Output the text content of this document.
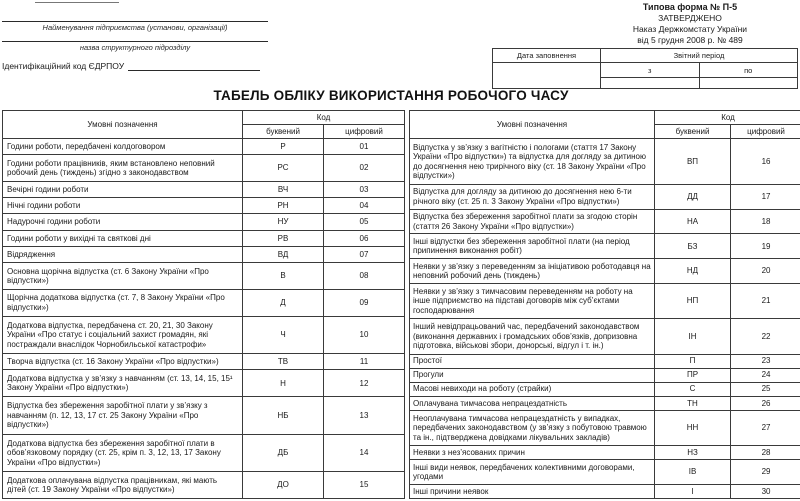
Найменування підприємства (установи, організації)
назва структурного підрозділу
Ідентифікаційний код ЄДРПОУ
Типова форма № П-5
ЗАТВЕРДЖЕНО
Наказ Держкомстату України
від 5 грудня 2008 р. № 489
Дата заповнення	Звітний період	
	з	по

ТАБЕЛЬ ОБЛІКУ ВИКОРИСТАННЯ РОБОЧОГО ЧАСУ
Умовні позначення	Код	
	буквений	цифровий
Години роботи, передбачені колдоговором	Р	01
Години роботи працівників, яким встановлено неповний робочий день (тиждень) згідно з законодавством	РС	02
Вечірні години роботи	ВЧ	03
Нічні години роботи	РН	04
Надурочні години роботи	НУ	05
Години роботи у вихідні та святкові дні	РВ	06
Відрядження	ВД	07
Основна щорічна відпустка (ст. 6 Закону України «Про відпустки»)	В	08
Щорічна додаткова відпустка (ст. 7, 8 Закону України «Про відпустки»)	Д	09
Додаткова відпустка, передбачена ст. 20, 21, 30 Закону України «Про статус і соціальний захист громадян, які постраждали внаслідок Чорнобильської катастрофи»	Ч	10
Творча відпустка (ст. 16 Закону України «Про відпустки»)	ТВ	11
Додаткова відпустка у зв’язку з навчанням (ст. 13, 14, 15, 15¹ Закону України «Про відпустки»)	Н	12
Відпустка без збереження заробітної плати у зв’язку з навчанням (п. 12, 13, 17 ст. 25 Закону України «Про відпустки»)	НБ	13
Додаткова відпустка без збереження заробітної плати в обов’язковому порядку (ст. 25, крім п. 3, 12, 13, 17 Закону України «Про відпустки»)	ДБ	14
Додаткова оплачувана відпустка працівникам, які мають дітей (ст. 19 Закону України «Про відпустки»)	ДО	15
Умовні позначення	Код	
	буквений	цифровий
Відпустка у зв’язку з вагітністю і пологами (стаття 17 Закону України «Про відпустки») та відпустка для догляду за дитиною до досягнення нею трирічного віку (ст. 18 Закону України «Про відпустки»)	ВП	16
Відпустка для догляду за дитиною до досягнення нею 6-ти річного віку (ст. 25 п. 3 Закону України «Про відпустки»)	ДД	17
Відпустка без збереження заробітної плати за згодою сторін (стаття 26 Закону України «Про відпустки»)	НА	18
Інші відпустки без збереження заробітної плати (на період припинення виконання робіт)	БЗ	19
Неявки у зв’язку з переведенням за ініціативою роботодавця на неповний робочий день (тиждень)	НД	20
Неявки у зв’язку з тимчасовим переведенням на роботу на інше підприємство на підставі договорів між суб’єктами господарювання	НП	21
Інший невідпрацьований час, передбачений законодавством (виконання державних і громадських обов’язків, допризовна підготовка, військові збори, донорські, відгул і т. ін.)	ІН	22
Простої	П	23
Прогули	ПР	24
Масові невиходи на роботу (страйки)	С	25
Оплачувана тимчасова непрацездатність	ТН	26
Неоплачувана тимчасова непрацездатність у випадках, передбачених законодавством (у зв’язку з побутовою травмою та ін., підтверджена довідками лікувальних закладів)	НН	27
Неявки з нез’ясованих причин	НЗ	28
Інші види неявок, передбачених колективними договорами, угодами	ІВ	29
Інші причини неявок	І	30
